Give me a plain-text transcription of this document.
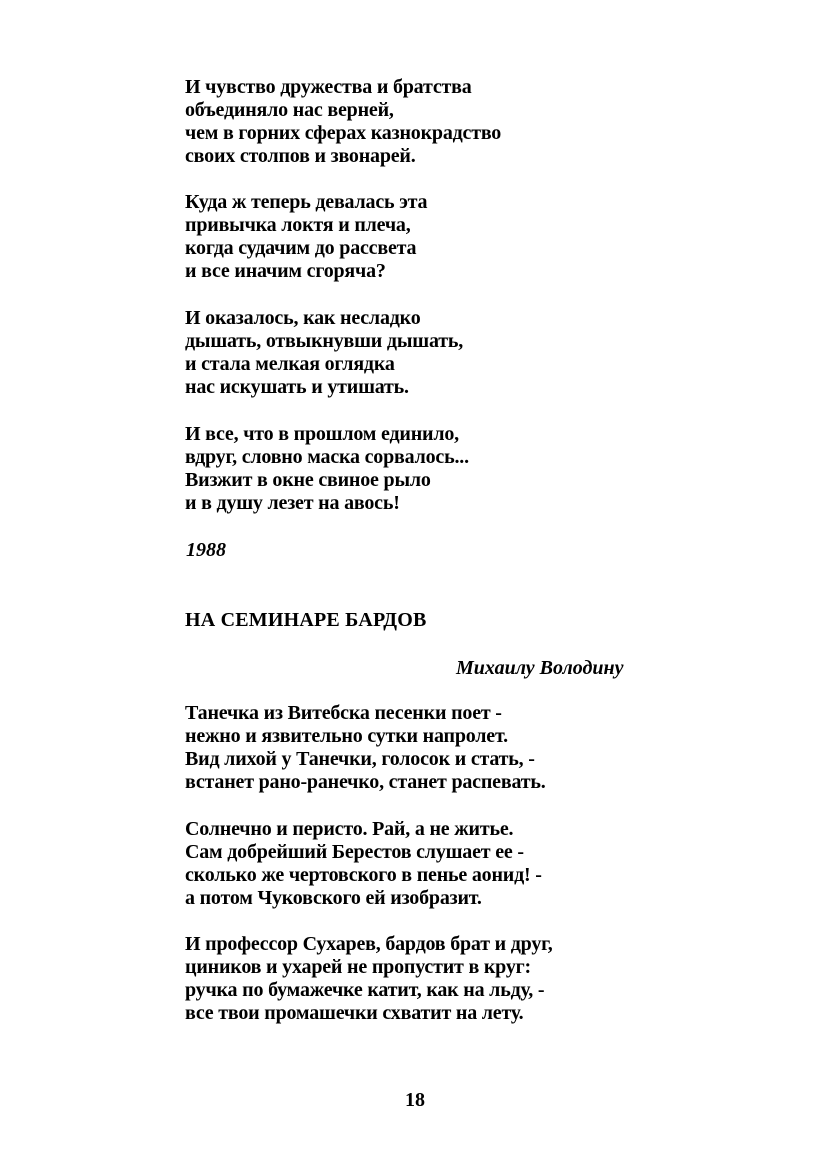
И чувство дружества и братства
объединяло нас верней,
чем в горних сферах казнокрадство
своих столпов и звонарей.
Куда ж теперь девалась эта
привычка локтя и плеча,
когда судачим до рассвета
и все иначим сгоряча?
И оказалось, как несладко
дышать, отвыкнувши дышать,
и стала мелкая оглядка
нас искушать и утишать.
И все, что в прошлом единило,
вдруг, словно маска сорвалось...
Визжит в окне свиное рыло
и в душу лезет на авось!
1988
НА СЕМИНАРЕ БАРДОВ
Михаилу Володину
Танечка из Витебска песенки поет -
нежно и язвительно сутки напролет.
Вид лихой у Танечки, голосок и стать, -
встанет рано-ранечко, станет распевать.
Солнечно и перисто. Рай, а не житье.
Сам добрейший Берестов слушает ее -
сколько же чертовского в пенье аонид! -
а потом Чуковского ей изобразит.
И профессор Сухарев, бардов брат и друг,
циников и ухарей не пропустит в круг:
ручка по бумажечке катит, как на льду, -
все твои промашечки схватит на лету.
18
